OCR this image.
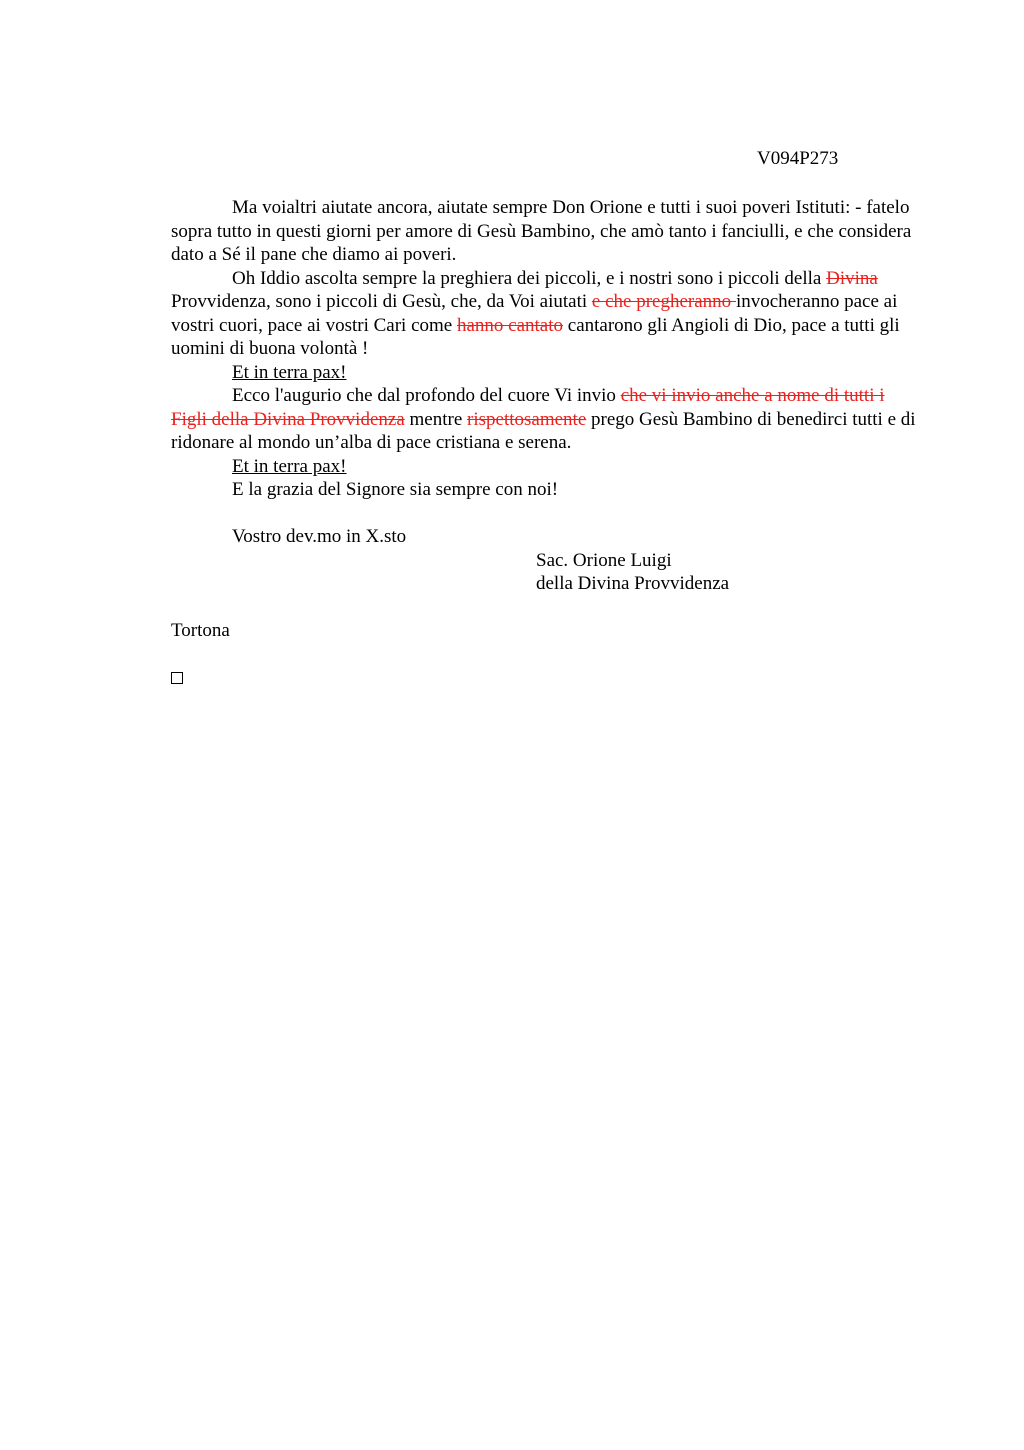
V094P273

Ma voialtri aiutate ancora, aiutate sempre Don Orione e tutti i suoi poveri Istituti: - fatelo sopra tutto in questi giorni per amore di Gesù Bambino, che amò tanto i fanciulli, e che considera dato a Sé il pane che diamo ai poveri.

Oh Iddio ascolta sempre la preghiera dei piccoli, e i nostri sono i piccoli della Divina Provvidenza, sono i piccoli di Gesù, che, da Voi aiutati e che pregheranno invocheranno pace ai vostri cuori, pace ai vostri Cari come hanno cantato cantarono gli Angioli di Dio, pace a tutti gli uomini di buona volontà !

Et in terra pax!

Ecco l'augurio che dal profondo del cuore Vi invio che vi invio anche a nome di tutti i Figli della Divina Provvidenza mentre rispettosamente prego Gesù Bambino di benedirci tutti e di ridonare al mondo un’alba di pace cristiana e serena.

Et in terra pax!

E la grazia del Signore sia sempre con noi!

Vostro dev.mo in X.sto

Sac. Orione Luigi
della Divina Provvidenza

Tortona
